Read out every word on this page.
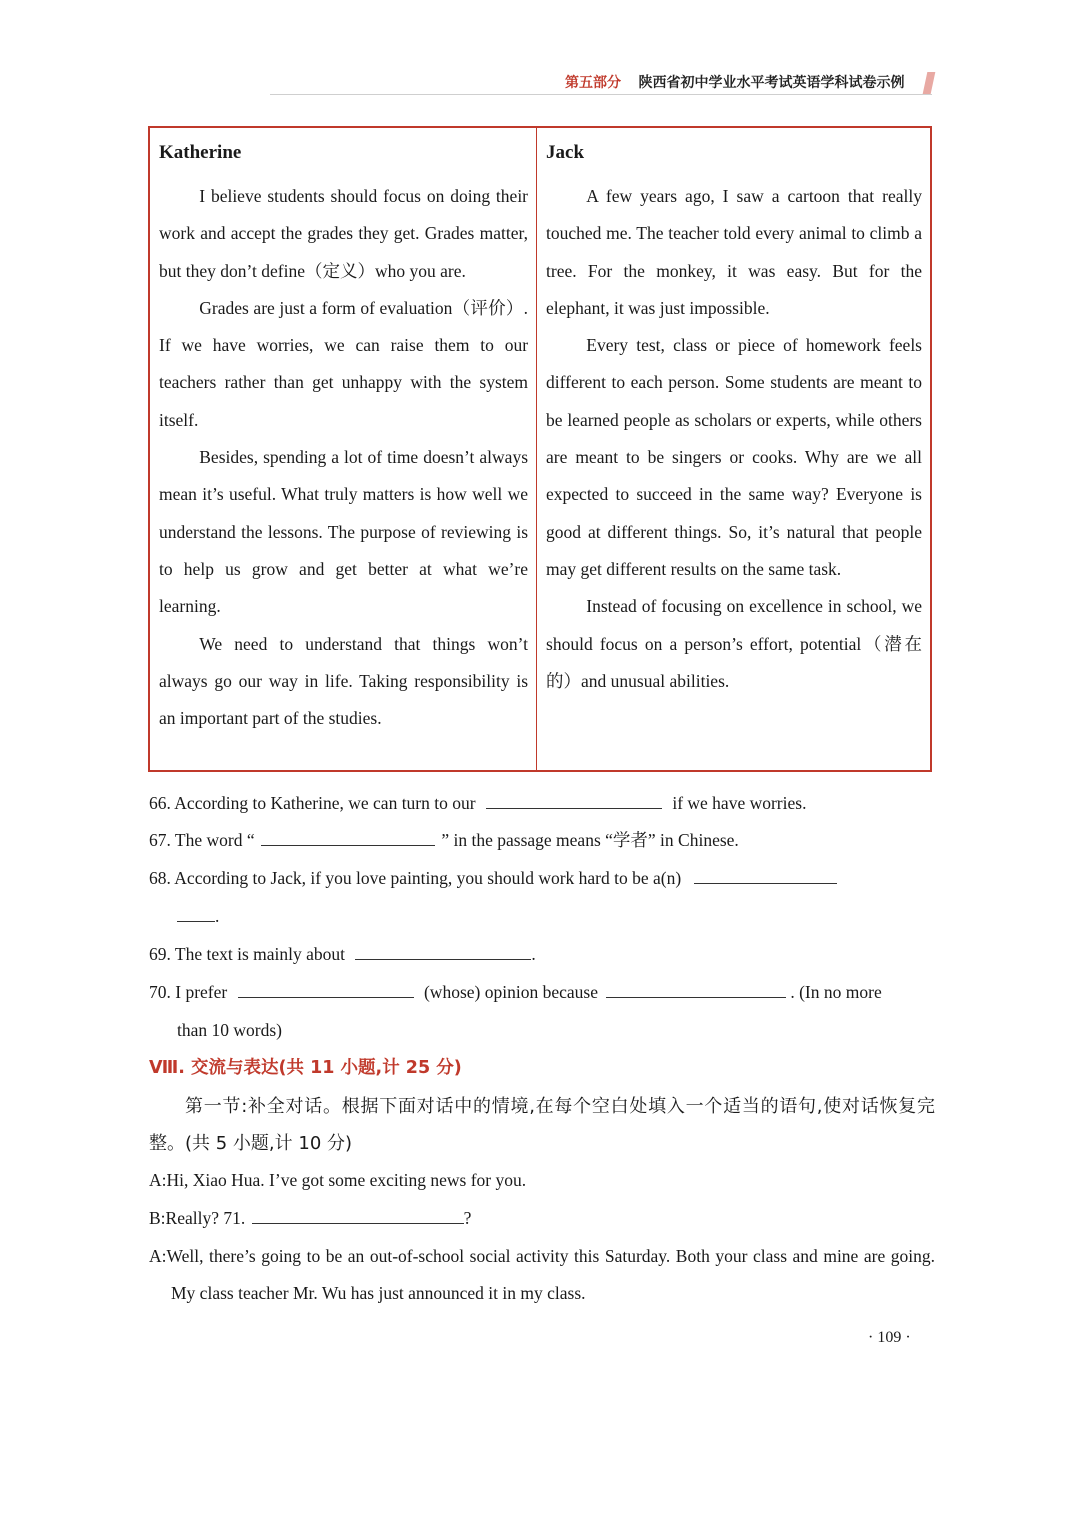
第五部分 陕西省初中学业水平考试英语学科试卷示例
Katherine

I believe students should focus on doing their work and accept the grades they get. Grades matter, but they don’t define（定义）who you are.

Grades are just a form of evaluation（评价）. If we have worries, we can raise them to our teachers rather than get unhappy with the system itself.

Besides, spending a lot of time doesn’t always mean it’s useful. What truly matters is how well we understand the lessons. The purpose of reviewing is to help us grow and get better at what we’re learning.

We need to understand that things won’t always go our way in life. Taking responsibility is an important part of the studies.

Jack

A few years ago, I saw a cartoon that really touched me. The teacher told every animal to climb a tree. For the monkey, it was easy. But for the elephant, it was just impossible.

Every test, class or piece of homework feels different to each person. Some students are meant to be learned people as scholars or experts, while others are meant to be singers or cooks. Why are we all expected to succeed in the same way? Everyone is good at different things. So, it’s natural that people may get different results on the same task.

Instead of focusing on excellence in school, we should focus on a person’s effort, potential（潜在的）and unusual abilities.

66. According to Katherine, we can turn to our	if we have worries.
67. The word “	” in the passage means “学者” in Chinese.
68. According to Jack, if you love painting, you should work hard to be a(n)
.
69. The text is mainly about	.
70. I prefer	(whose) opinion because	. (In no more
than 10 words)
Ⅷ. 交流与表达(共 11 小题,计 25 分)
第一节:补全对话。根据下面对话中的情境,在每个空白处填入一个适当的语句,使对话恢复完整。(共 5 小题,计 10 分)
A:Hi, Xiao Hua. I’ve got some exciting news for you.
B:Really? 71.	?
A:Well, there’s going to be an out-of-school social activity this Saturday. Both your class and mine are going. My class teacher Mr. Wu has just announced it in my class.
· 109 ·
